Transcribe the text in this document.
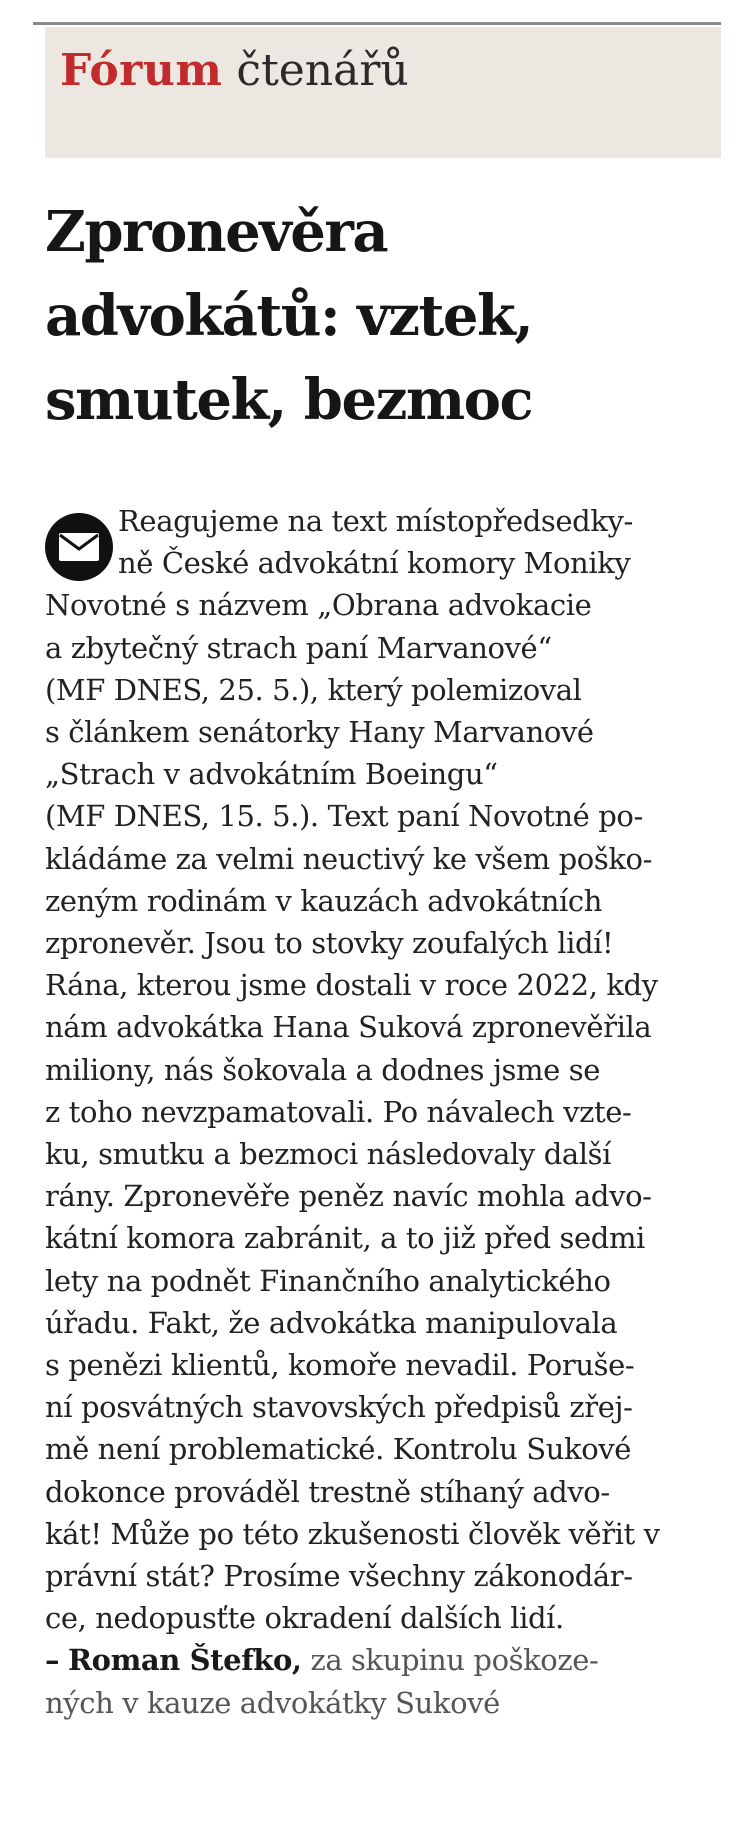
Fórum čtenářů
Zpronevěra
advokátů: vztek,
smutek, bezmoc
Reagujeme na text místopředsedky-
ně České advokátní komory Moniky
Novotné s názvem „Obrana advokacie
a zbytečný strach paní Marvanové“
(MF DNES, 25. 5.), který polemizoval
s článkem senátorky Hany Marvanové
„Strach v advokátním Boeingu“
(MF DNES, 15. 5.). Text paní Novotné po-
kládáme za velmi neuctivý ke všem poško-
zeným rodinám v kauzách advokátních
zpronevěr. Jsou to stovky zoufalých lidí!
Rána, kterou jsme dostali v roce 2022, kdy
nám advokátka Hana Suková zpronevěřila
miliony, nás šokovala a dodnes jsme se
z toho nevzpamatovali. Po návalech vzte-
ku, smutku a bezmoci následovaly další
rány. Zpronevěře peněz navíc mohla advo-
kátní komora zabránit, a to již před sedmi
lety na podnět Finančního analytického
úřadu. Fakt, že advokátka manipulovala
s penězi klientů, komoře nevadil. Poruše-
ní posvátných stavovských předpisů zřej-
mě není problematické. Kontrolu Sukové
dokonce prováděl trestně stíhaný advo-
kát! Může po této zkušenosti člověk věřit v
právní stát? Prosíme všechny zákonodár-
ce, nedopusťte okradení dalších lidí.
– Roman Štefko, za skupinu poškoze-
ných v kauze advokátky Sukové
